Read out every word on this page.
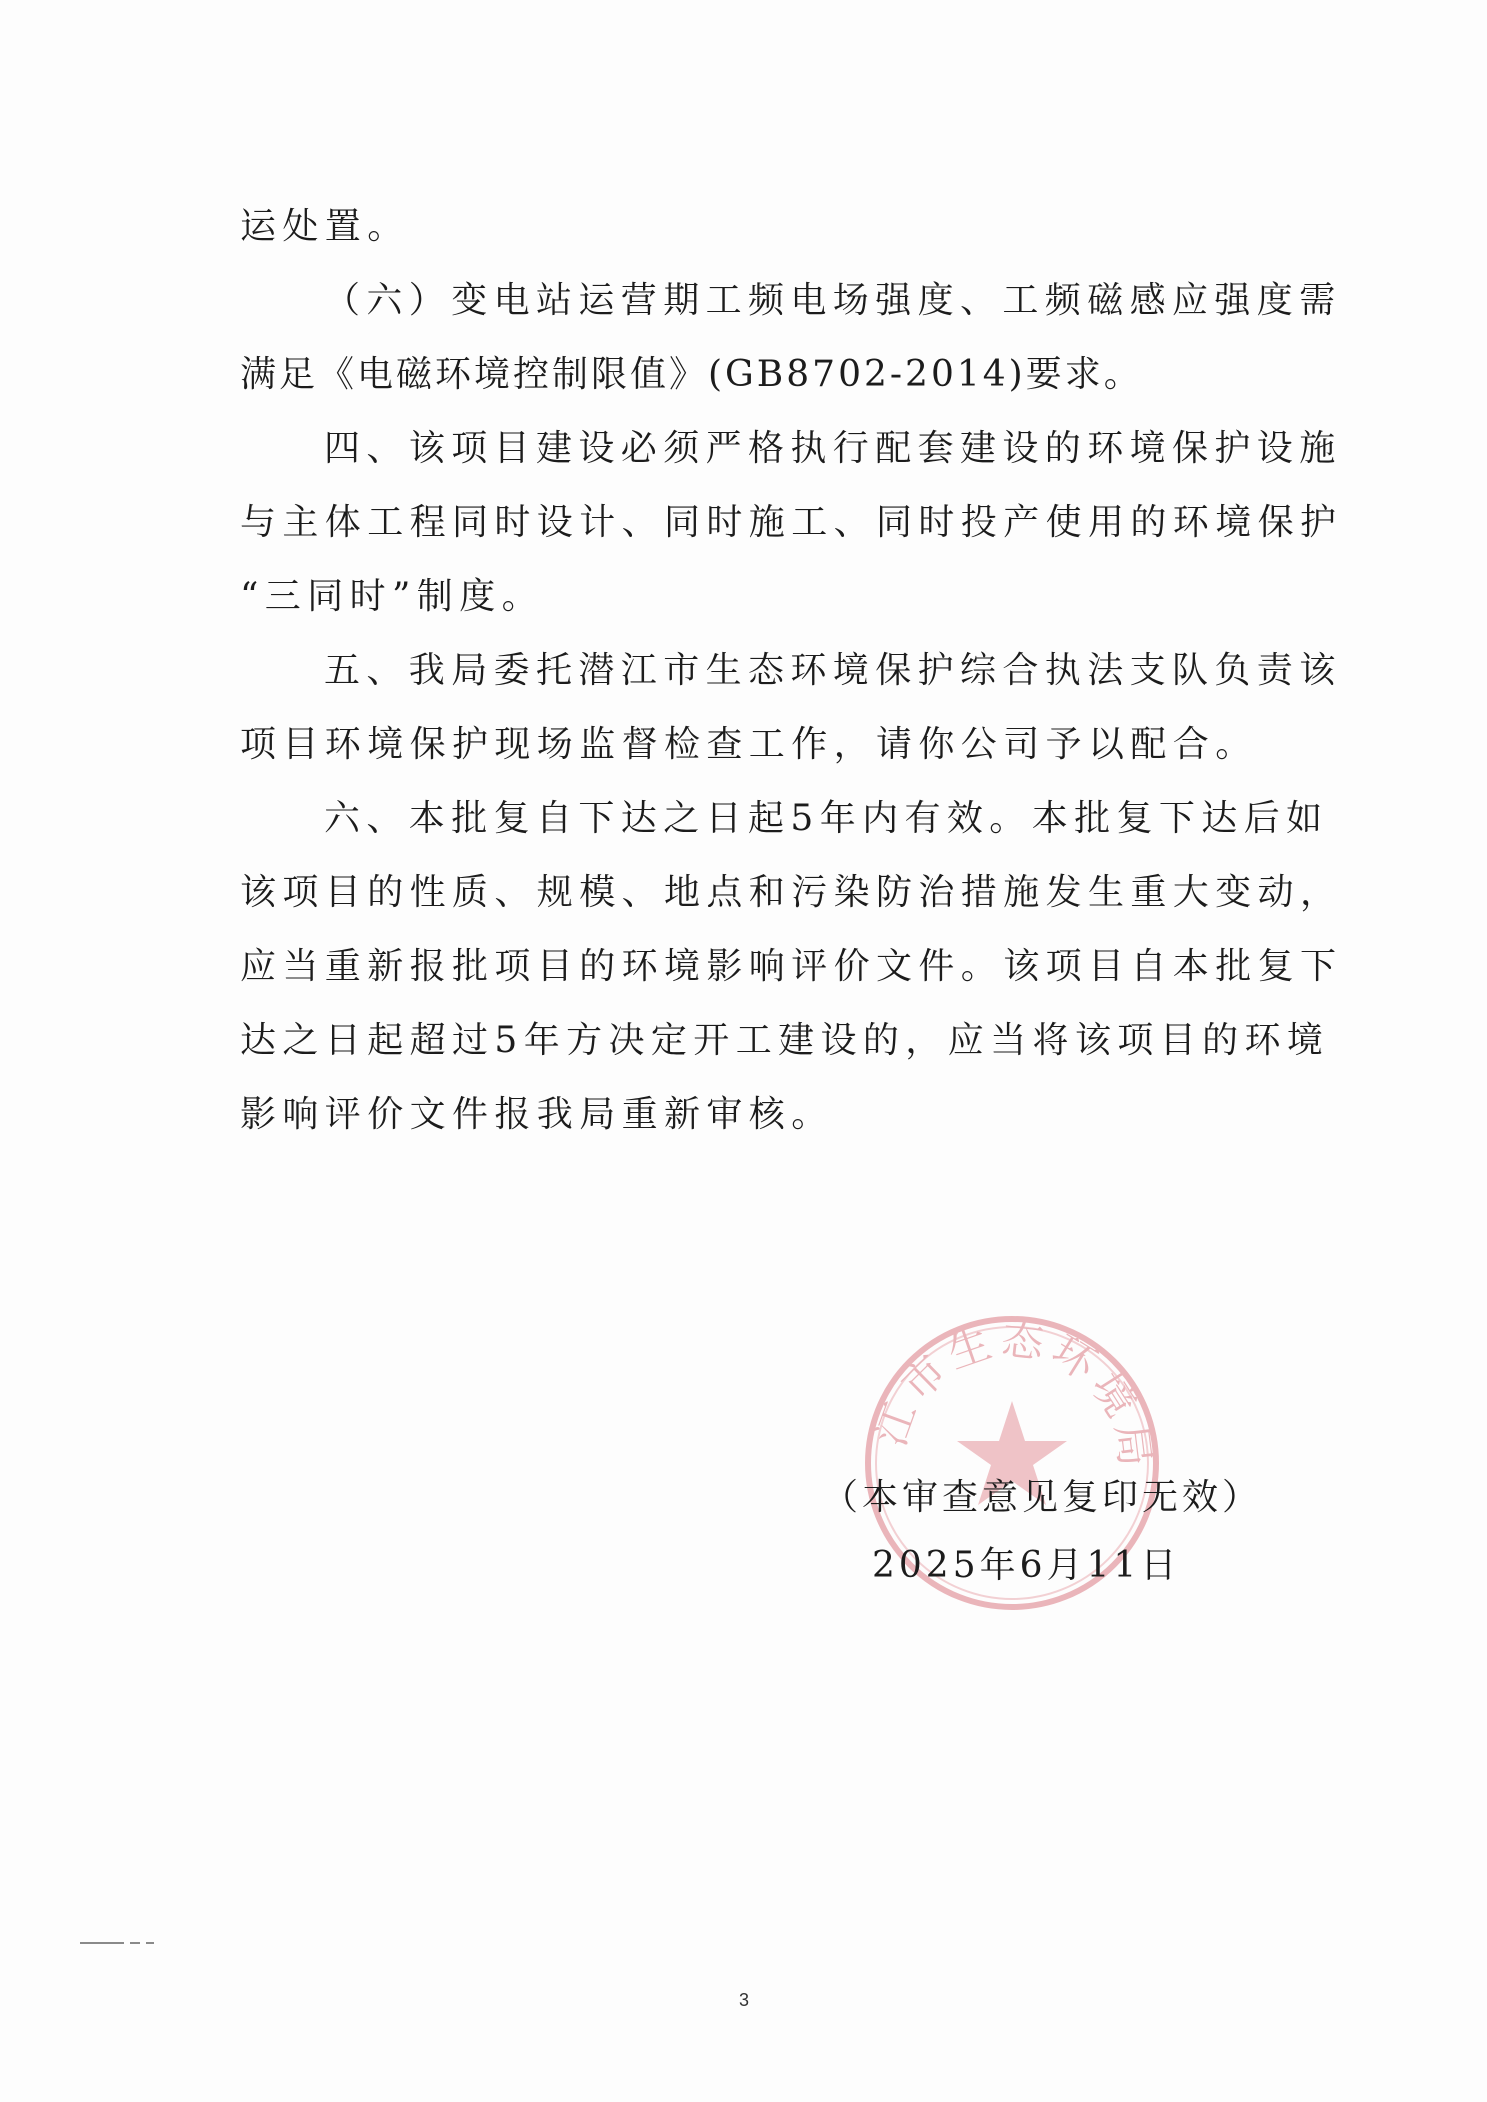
运处置。

（六）变电站运营期工频电场强度、工频磁感应强度需

满足《电磁环境控制限值》(GB8702-2014)要求。

四、该项目建设必须严格执行配套建设的环境保护设施

与主体工程同时设计、同时施工、同时投产使用的环境保护

“三同时”制度。

五、我局委托潜江市生态环境保护综合执法支队负责该

项目环境保护现场监督检查工作，请你公司予以配合。

六、本批复自下达之日起5年内有效。本批复下达后如

该项目的性质、规模、地点和污染防治措施发生重大变动，

应当重新报批项目的环境影响评价文件。该项目自本批复下

达之日起超过5年方决定开工建设的，应当将该项目的环境

影响评价文件报我局重新审核。

江市生态环境局

（本审查意见复印无效）

2025年6月11日

3
